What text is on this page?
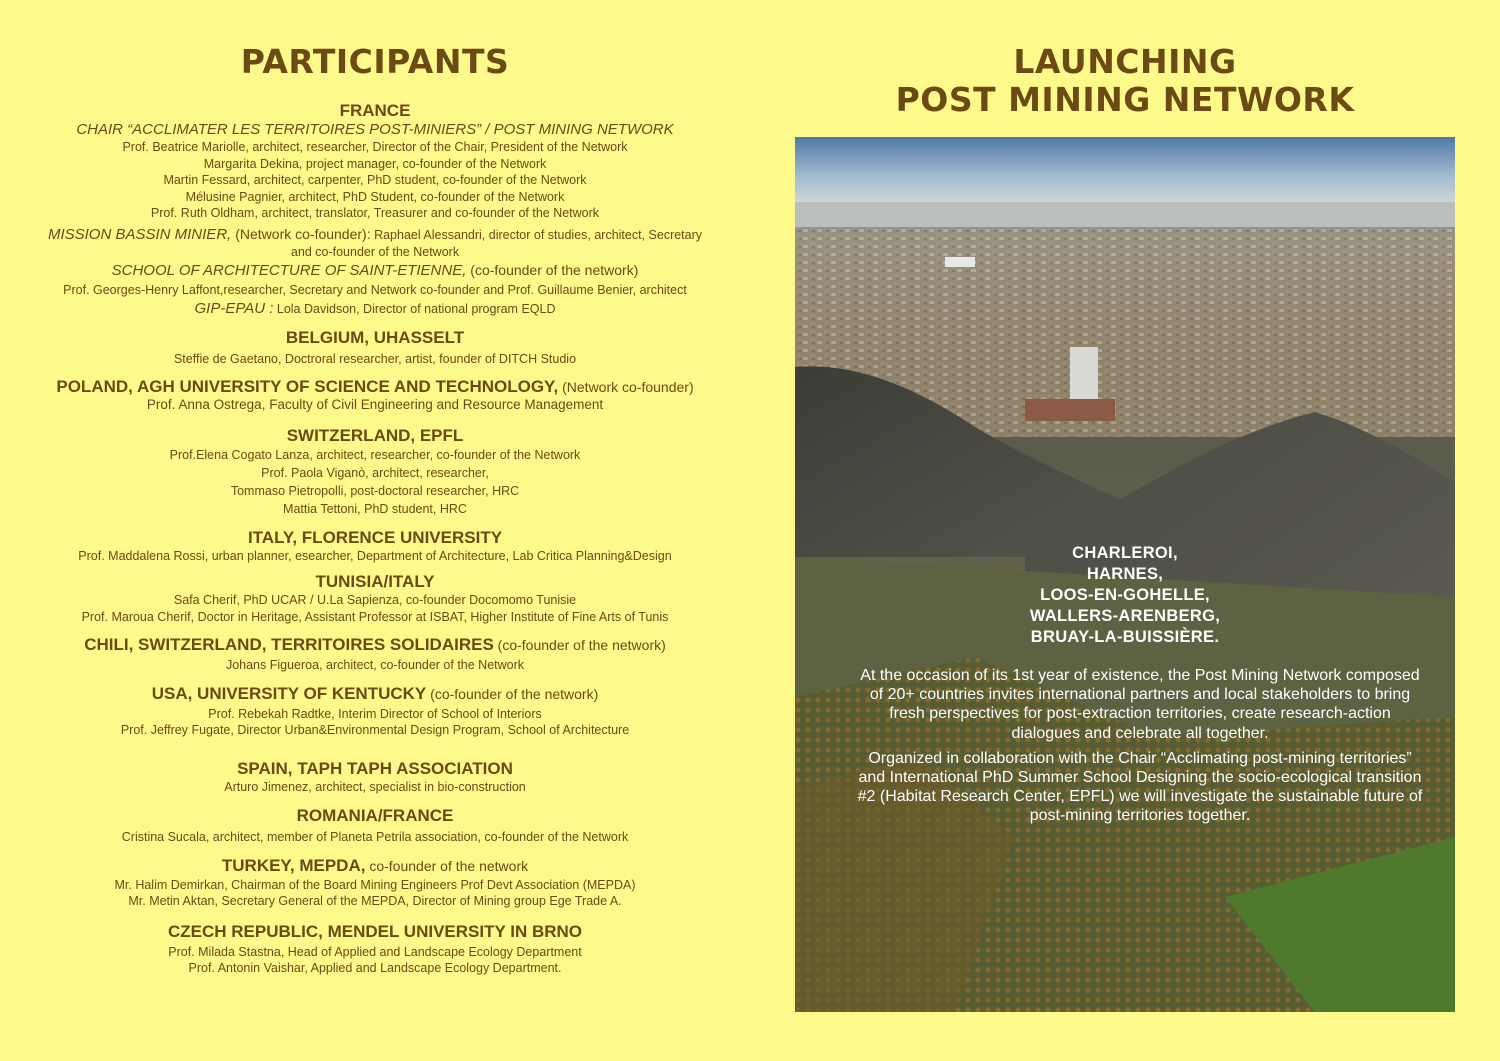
PARTICIPANTS
FRANCE
CHAIR “ACCLIMATER LES TERRITOIRES POST-MINIERS” / POST MINING NETWORK
Prof. Beatrice Mariolle, architect, researcher, Director of the Chair, President of the Network
Margarita Dekina, project manager, co-founder of the Network
Martin Fessard, architect, carpenter, PhD student, co-founder of the Network
Mélusine Pagnier, architect, PhD Student, co-founder of the Network
Prof. Ruth Oldham, architect, translator, Treasurer and co-founder of the Network
MISSION BASSIN MINIER, (Network co-founder): Raphael Alessandri, director of studies, architect, Secretary
and co-founder of the Network
SCHOOL OF ARCHITECTURE OF SAINT-ETIENNE, (co-founder of the network)
Prof. Georges-Henry Laffont,researcher, Secretary and Network co-founder and Prof. Guillaume Benier, architect
GIP-EPAU : Lola Davidson, Director of national program EQLD
BELGIUM, UHASSELT
Steffie de Gaetano, Doctroral researcher, artist, founder of DITCH Studio
POLAND, AGH UNIVERSITY OF SCIENCE AND TECHNOLOGY, (Network co-founder)
Prof. Anna Ostrega, Faculty of Civil Engineering and Resource Management
SWITZERLAND, EPFL
Prof.Elena Cogato Lanza, architect, researcher, co-founder of the Network
Prof. Paola Viganò, architect, researcher,
Tommaso Pietropolli, post-doctoral researcher, HRC
Mattia Tettoni, PhD student, HRC
ITALY, FLORENCE UNIVERSITY
Prof. Maddalena Rossi, urban planner, esearcher, Department of Architecture, Lab Critica Planning&Design
TUNISIA/ITALY
Safa Cherif, PhD UCAR / U.La Sapienza, co-founder Docomomo Tunisie
Prof. Maroua Cherif, Doctor in Heritage, Assistant Professor at ISBAT, Higher Institute of Fine Arts of Tunis
CHILI, SWITZERLAND, TERRITOIRES SOLIDAIRES (co-founder of the network)
Johans Figueroa, architect, co-founder of the Network
USA, UNIVERSITY OF KENTUCKY (co-founder of the network)
Prof. Rebekah Radtke, Interim Director of School of Interiors
Prof. Jeffrey Fugate, Director Urban&Environmental Design Program, School of Architecture
SPAIN, TAPH TAPH ASSOCIATION
Arturo Jimenez, architect, specialist in bio-construction
ROMANIA/FRANCE
Cristina Sucala, architect, member of Planeta Petrila association, co-founder of the Network
TURKEY, MEPDA, co-founder of the network
Mr. Halim Demirkan, Chairman of the Board Mining Engineers Prof Devt Association (MEPDA)
Mr. Metin Aktan, Secretary General of the MEPDA, Director of Mining group Ege Trade A.
CZECH REPUBLIC, MENDEL UNIVERSITY IN BRNO
Prof. Milada Stastna, Head of Applied and Landscape Ecology Department
Prof. Antonin Vaishar, Applied and Landscape Ecology Department.
LAUNCHING
POST MINING NETWORK
CHARLEROI,
HARNES,
LOOS-EN-GOHELLE,
WALLERS-ARENBERG,
BRUAY-LA-BUISSIÈRE.

At the occasion of its 1st year of existence, the Post Mining Network composed of 20+ countries invites international partners and local stakeholders to bring fresh perspectives for post-extraction territories, create research-action dialogues and celebrate all together.

Organized in collaboration with the Chair “Acclimating post-mining territories” and International PhD Summer School Designing the socio-ecological transition #2 (Habitat Research Center, EPFL) we will investigate the sustainable future of post-mining territories together.
